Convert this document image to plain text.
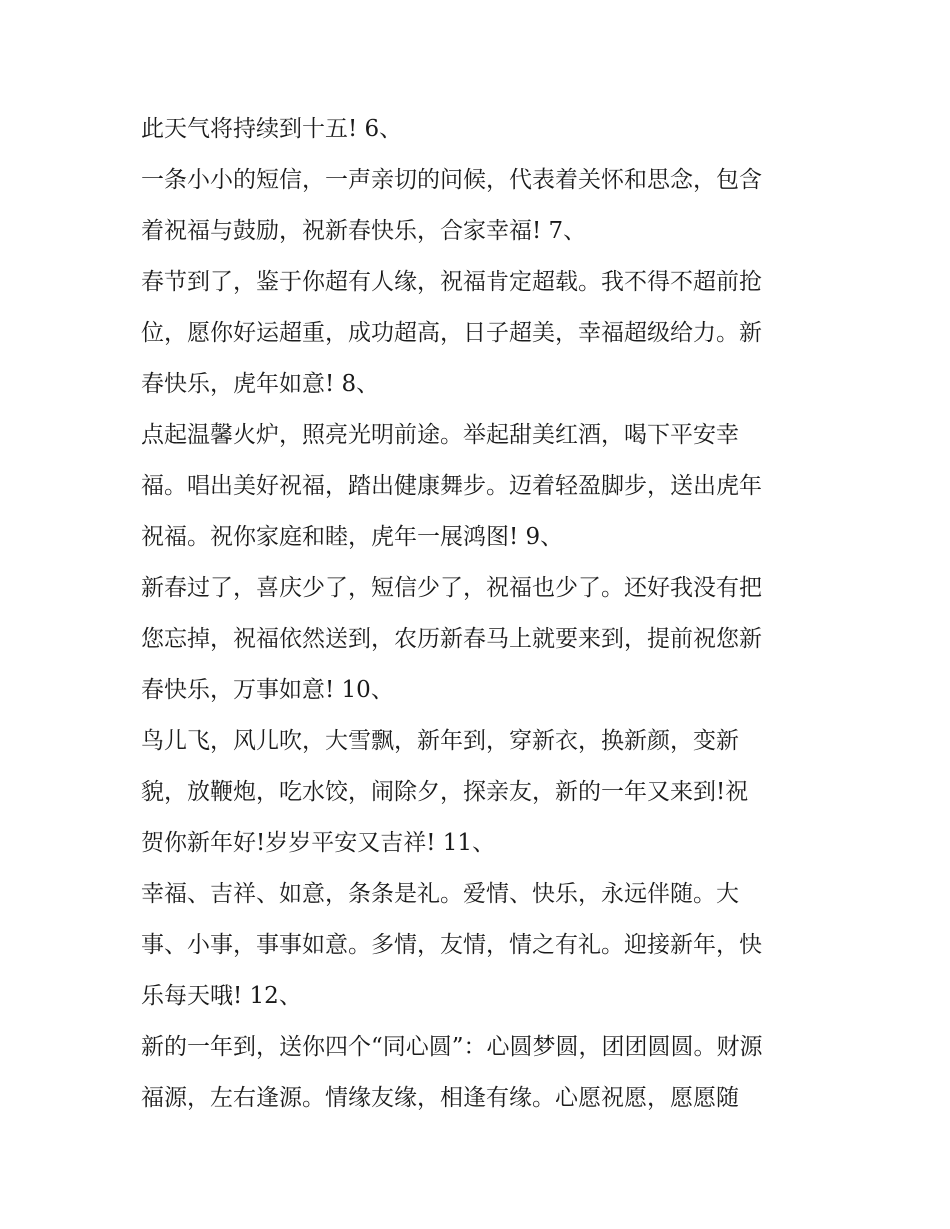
此天气将持续到十五! 6、
一条小小的短信，一声亲切的问候，代表着关怀和思念，包含
着祝福与鼓励，祝新春快乐，合家幸福! 7、
春节到了，鉴于你超有人缘，祝福肯定超载。我不得不超前抢
位，愿你好运超重，成功超高，日子超美，幸福超级给力。新
春快乐，虎年如意! 8、
点起温馨火炉，照亮光明前途。举起甜美红酒，喝下平安幸
福。唱出美好祝福，踏出健康舞步。迈着轻盈脚步，送出虎年
祝福。祝你家庭和睦，虎年一展鸿图! 9、
新春过了，喜庆少了，短信少了，祝福也少了。还好我没有把
您忘掉，祝福依然送到，农历新春马上就要来到，提前祝您新
春快乐，万事如意! 10、
鸟儿飞，风儿吹，大雪飘，新年到，穿新衣，换新颜，变新
貌，放鞭炮，吃水饺，闹除夕，探亲友，新的一年又来到!祝
贺你新年好!岁岁平安又吉祥! 11、
幸福、吉祥、如意，条条是礼。爱情、快乐，永远伴随。大
事、小事，事事如意。多情，友情，情之有礼。迎接新年，快
乐每天哦! 12、
新的一年到，送你四个“同心圆”：心圆梦圆，团团圆圆。财源
福源，左右逢源。情缘友缘，相逢有缘。心愿祝愿，愿愿随
